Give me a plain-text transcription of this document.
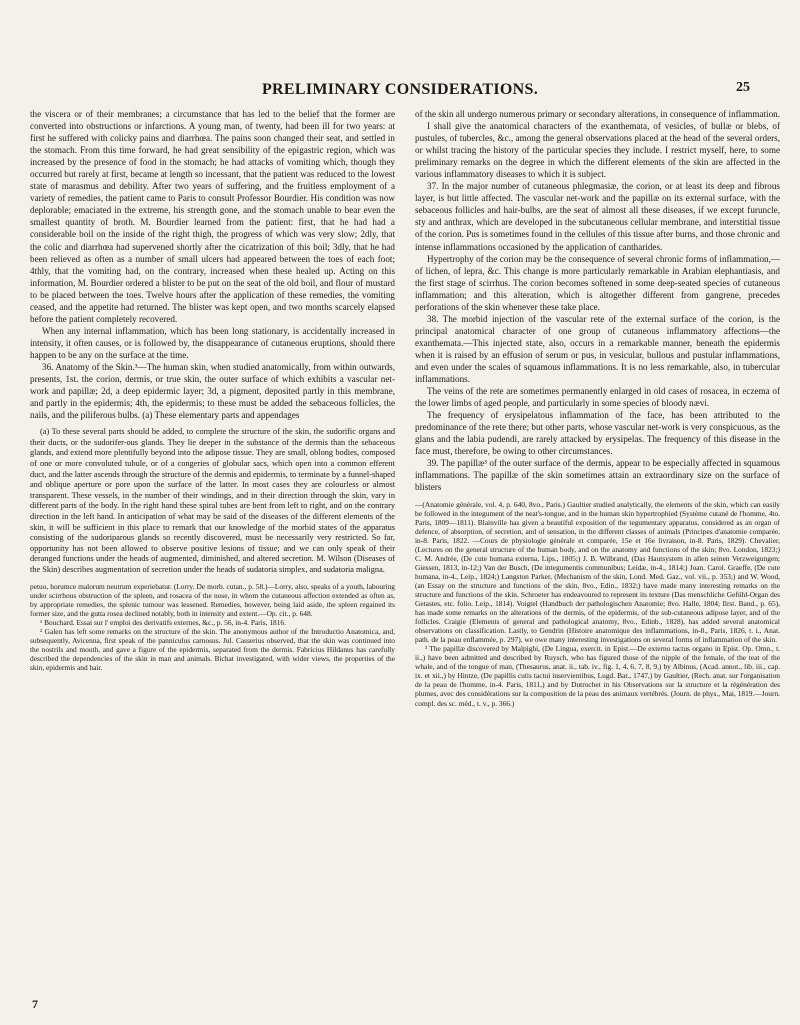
PRELIMINARY CONSIDERATIONS.	25

the viscera or of their membranes; a circumstance that has led to the belief that the former are converted into obstructions or infarctions. A young man, of twenty, had been ill for two years: at first he suffered with colicky pains and diarrhœa. The pains soon changed their seat, and settled in the stomach. From this time forward, he had great sensibility of the epigastric region, which was increased by the presence of food in the stomach; he had attacks of vomiting which, though they occurred but rarely at first, became at length so incessant, that the patient was reduced to the lowest state of marasmus and debility. After two years of suffering, and the fruitless employment of a variety of remedies, the patient came to Paris to consult Professor Bourdier. His condition was now deplorable; emaciated in the extreme, his strength gone, and the stomach unable to bear even the smallest quantity of broth. M. Bourdier learned from the patient: first, that he had had a considerable boil on the inside of the right thigh, the progress of which was very slow; 2dly, that the colic and diarrhœa had supervened shortly after the cicatrization of this boil; 3dly, that he had been relieved as often as a number of small ulcers had appeared between the toes of each foot; 4thly, that the vomiting had, on the contrary, increased when these healed up. Acting on this information, M. Bourdier ordered a blister to be put on the seat of the old boil, and flour of mustard to be placed between the toes. Twelve hours after the application of these remedies, the vomiting ceased, and the appetite had returned. The blister was kept open, and two months scarcely elapsed before the patient completely recovered.

When any internal inflammation, which has been long stationary, is accidentally increased in intensity, it often causes, or is followed by, the disappearance of cutaneous eruptions, should there happen to be any on the surface at the time.

36. Anatomy of the Skin.³—The human skin, when studied anatomically, from within outwards, presents, 1st. the corion, dermis, or true skin, the outer surface of which exhibits a vascular net-work and papillæ; 2d, a deep epidermic layer; 3d, a pigment, deposited partly in this membrane, and partly in the epidermis; 4th, the epidermis; to these must be added the sebaceous follicles, the nails, and the piliferous bulbs. (a) These elementary parts and appendages

(a) To these several parts should be added, to complete the structure of the skin, the sudorific organs and their ducts, or the sudorifer-ous glands. They lie deeper in the substance of the dermis than the sebaceous glands, and extend more plentifully beyond into the adipose tissue. They are small, oblong bodies, composed of one or more convoluted tubule, or of a congeries of globular sacs, which open into a common efferent duct, and the latter ascends through the structure of the dermis and epidermis, to terminate by a funnel-shaped and oblique aperture or pore upon the surface of the latter. In most cases they are colourless or almost transparent. These vessels, in the number of their windings, and in their direction through the skin, vary in different parts of the body. In the right hand these spiral tubes are bent from left to right, and on the contrary direction in the left hand. In anticipation of what may be said of the diseases of the different elements of the skin, it will be sufficient in this place to remark that our knowledge of the morbid states of the apparatus consisting of the sudoriparous glands so recently discovered, must be necessarily very restricted. So far, opportunity has not been allowed to observe positive lesions of tissue; and we can only speak of their deranged functions under the heads of augmented, diminished, and altered secretion. M. Wilson (Diseases of the Skin) describes augmentation of secretion under the heads of sudatoria simplex, and sudatoria maligna.

petuo, horumce malorum neutrum experiebatur. (Lorry. De morb. cutan., p. 58.)—Lorry, also, speaks of a youth, labouring under scirrhous obstruction of the spleen, and rosacea of the nose, in whom the cutaneous affection extended as often as, by appropriate remedies, the splenic tumour was lessened. Remedies, however, being laid aside, the spleen regained its former size, and the gutta rosea declined notably, both in intensity and extent.—Op. cit., p. 648.

¹ Bouchard. Essai sur l' emploi des derivatifs externes, &c., p. 56, in-4. Paris, 1816.

² Galen has left some remarks on the structure of the skin. The anonymous author of the Introductio Anatomica, and, subsequently, Avicenna, first speak of the panniculus carnosus. Jul. Casserius observed, that the skin was continued into the nostrils and mouth, and gave a figure of the epidermis, separated from the dermis. Fabricius Hildanus has carefully described the dependencies of the skin in man and animals. Bichat investigated, with wider views, the properties of the skin, epidermis and hair.

7

of the skin all undergo numerous primary or secondary alterations, in consequence of inflammation.

I shall give the anatomical characters of the exanthemata, of vesicles, of bullæ or blebs, of pustules, of tubercles, &c., among the general observations placed at the head of the several orders, or whilst tracing the history of the particular species they include. I restrict myself, here, to some preliminary remarks on the degree in which the different elements of the skin are affected in the various inflammatory diseases to which it is subject.

37. In the major number of cutaneous phlegmasiæ, the corion, or at least its deep and fibrous layer, is but little affected. The vascular net-work and the papillæ on its external surface, with the sebaceous follicles and hair-bulbs, are the seat of almost all these diseases, if we except furuncle, sty and anthrax, which are developed in the subcutaneous cellular membrane, and interstitial tissue of the corion. Pus is sometimes found in the cellules of this tissue after burns, and those chronic and intense inflammations occasioned by the application of cantharides.

Hypertrophy of the corion may be the consequence of several chronic forms of inflammation,—of lichen, of lepra, &c. This change is more particularly remarkable in Arabian elephantiasis, and the first stage of scirrhus. The corion becomes softened in some deep-seated species of cutaneous inflammation; and this alteration, which is altogether different from gangrene, precedes perforations of the skin whenever these take place.

38. The morbid injection of the vascular rete of the external surface of the corion, is the principal anatomical character of one group of cutaneous inflammatory affections—the exanthemata.—This injected state, also, occurs in a remarkable manner, beneath the epidermis when it is raised by an effusion of serum or pus, in vesicular, bullous and pustular inflammations, and even under the scales of squamous inflammations. It is no less remarkable, also, in tubercular inflammations.

The veins of the rete are sometimes permanently enlarged in old cases of rosacea, in eczema of the lower limbs of aged people, and particularly in some species of bloody nævi.

The frequency of erysipelatous inflammation of the face, has been attributed to the predominance of the rete there; but other parts, whose vascular net-work is very conspicuous, as the glans and the labia pudendi, are rarely attacked by erysipelas. The frequency of this disease in the face must, therefore, be owing to other circumstances.

39. The papillæ³ of the outer surface of the dermis, appear to be especially affected in squamous inflammations. The papillæ of the skin sometimes attain an extraordinary size on the surface of blisters

—(Anatomie générale, vol. 4, p. 640, 8vo., Paris.) Gaultier studied analytically, the elements of the skin, which can easily be followed in the integument of the neat's-tongue, and in the human skin hypertrophied (Système cutané de l'homme, 4to. Paris, 1809—1811). Blainville has given a beautiful exposition of the tegumentary apparatus, considered as an organ of defence, of absorption, of secretion, and of sensation, in the different classes of animals (Principes d'anatomie comparée, in-8. Paris, 1822. —Cours de physiologie générale et comparée, 15e et 16e livraison, in-8. Paris, 1829). Chevalier, (Lectures on the general structure of the human body, and on the anatomy and functions of the skin; 8vo. London, 1823;) C. M. Andrée, (De cute humana externa, Lips., 1805;) J. B. Wilbrand, (Das Hautsystem in allen seinen Verzweigungen; Giessen, 1813, in-12;) Van der Busch, (De integumentis communibus; Leidæ, in-4., 1814;) Joan. Carol. Graeffe, (De cute humana, in-4., Leip., 1824;) Langston Parker, (Mechanism of the skin, Lond. Med. Gaz., vol. vii., p. 353;) and W. Wood, (an Essay on the structure and functions of the skin, 8vo., Edin., 1832;) have made many interesting remarks on the structure and functions of the skin. Schroeter has endeavoured to represent its texture (Das menschliche Gefühl-Organ des Getastes, etc. folio. Leip., 1814). Voigtel (Handbuch der pathologischen Anatomie; 8vo. Halle, 1804; Ilrst. Band., p. 65), has made some remarks on the alterations of the dermis, of the epidermis, of the sub-cutaneous adipose layer, and of the follicles. Craigie (Elements of general and pathological anatomy, 8vo., Edinb., 1828), has added several anatomical observations on classification. Lastly, to Gendrin (Histoire anatomique des inflammations, in-8., Paris, 1826, t. i., Anat. path. de la peau enflammée, p. 297), we owe many interesting investigations on several forms of inflammation of the skin.

³ The papillæ discovered by Malpighi, (De Lingua, exercit. in Epist.—De externo tactus organo in Epist. Op. Omn., t. ii.,) have been admitted and described by Ruysch, who has figured those of the nipple of the female, of the teat of the whale, and of the tongue of man, (Thesaurus, anat. ii., tab. iv., fig. 1, 4, 6, 7, 8, 9,) by Albinus, (Acad. annot., lib. iii., cap. ix. et xii.,) by Hintze, (De papillis cutis tactui inservientibus, Lugd. Bat., 1747,) by Gaultier, (Rech. anat. sur l'organisation de la peau de l'homme, in-4. Paris, 1811,) and by Dutrochet in his Observations sur la structure et la régénération des plumes, avec des considérations sur la composition de la peau des animaux vertébrés. (Journ. de phys., Mai, 1819.—Journ. compl. des sc. méd., t. v., p. 366.)
